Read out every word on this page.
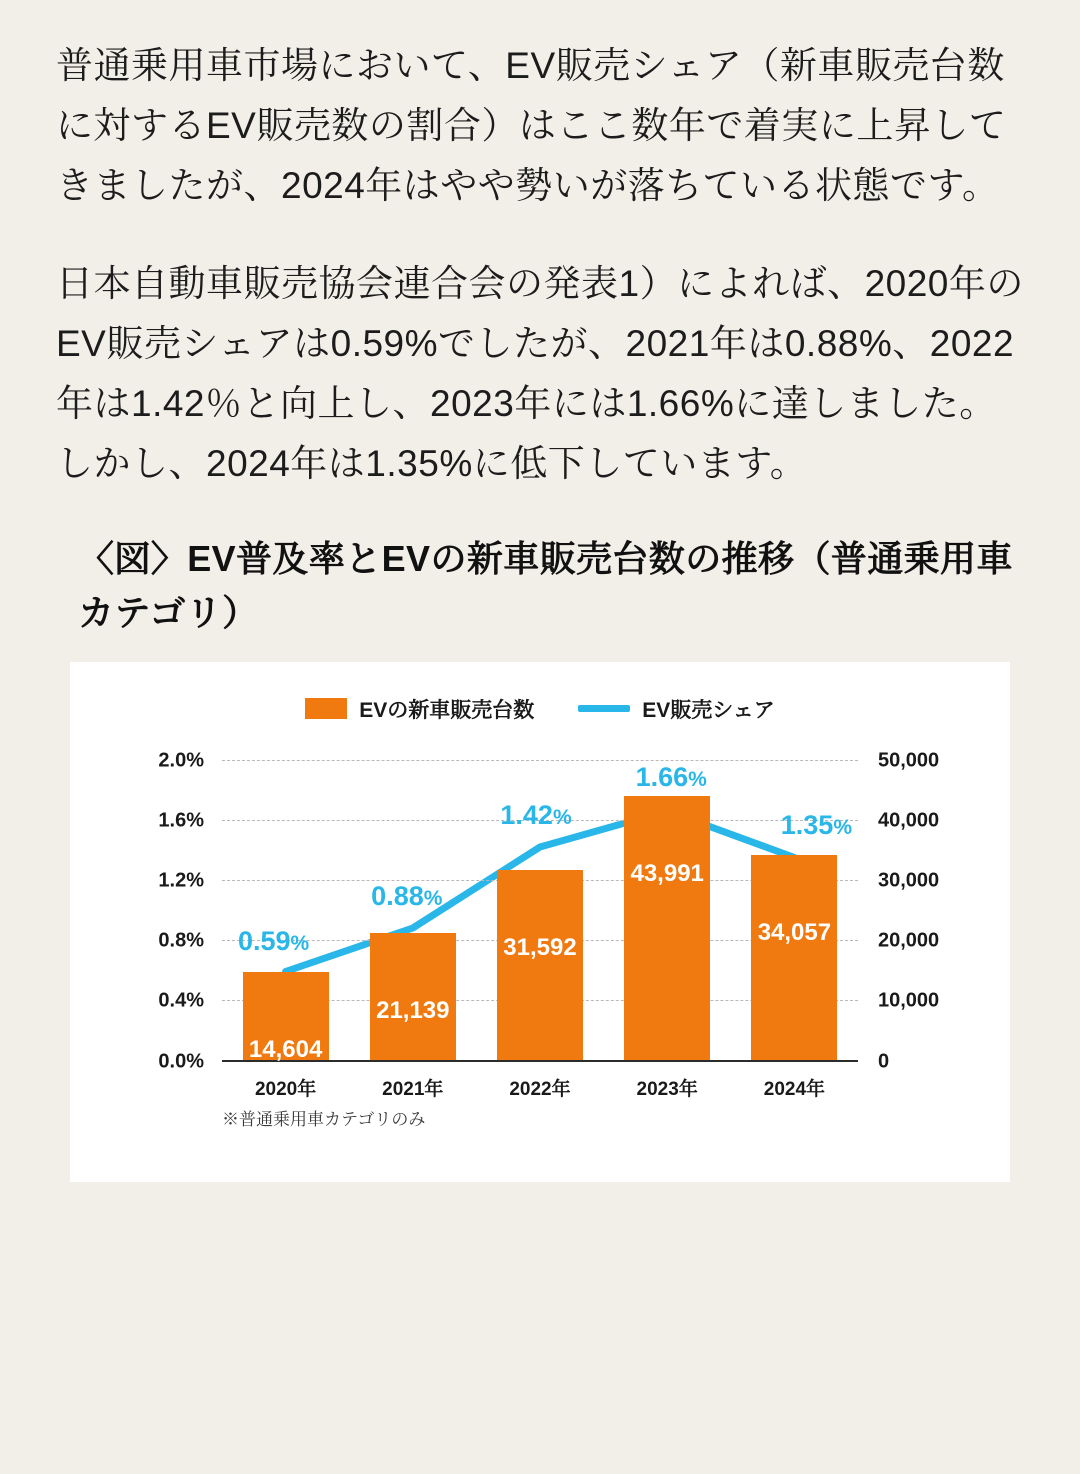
普通乗用車市場において、EV販売シェア（新車販売台数に対するEV販売数の割合）はここ数年で着実に上昇してきましたが、2024年はやや勢いが落ちている状態です。

日本自動車販売協会連合会の発表1）によれば、2020年のEV販売シェアは0.59%でしたが、2021年は0.88%、2022年は1.42％と向上し、2023年には1.66%に達しました。しかし、2024年は1.35%に低下しています。

〈図〉EV普及率とEVの新車販売台数の推移（普通乗用車カテゴリ）
EVの新車販売台数	EV販売シェア
0.0%	0
0.4%	10,000
0.8%	20,000
1.2%	30,000
1.6%	40,000
2.0%	50,000
2020年
14,604
2021年
21,139
2022年
31,592
2023年
43,991
2024年
34,057
0.59%
0.88%
1.42%
1.66%
1.35%
※普通乗用車カテゴリのみ
